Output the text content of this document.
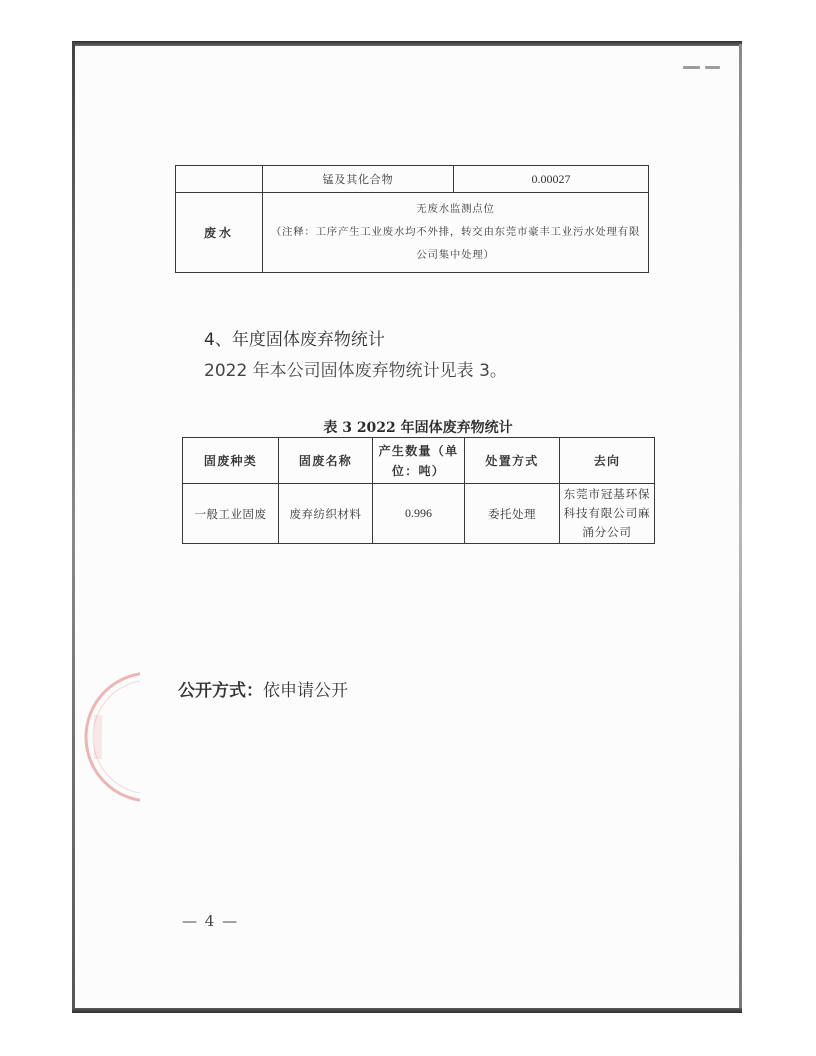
	锰及其化合物	0.00027
废水	无废水监测点位
（注释：工序产生工业废水均不外排，转交由东莞市豪丰工业污水处理有限公司集中处理）	
4、年度固体废弃物统计
2022 年本公司固体废弃物统计见表 3。
表 3 2022 年固体废弃物统计
固废种类	固废名称	产生数量（单位：吨）	处置方式	去向
一般工业固废	废弃纺织材料	0.996	委托处理	东莞市冠基环保科技有限公司麻涌分公司
公开方式：依申请公开
— 4 —
